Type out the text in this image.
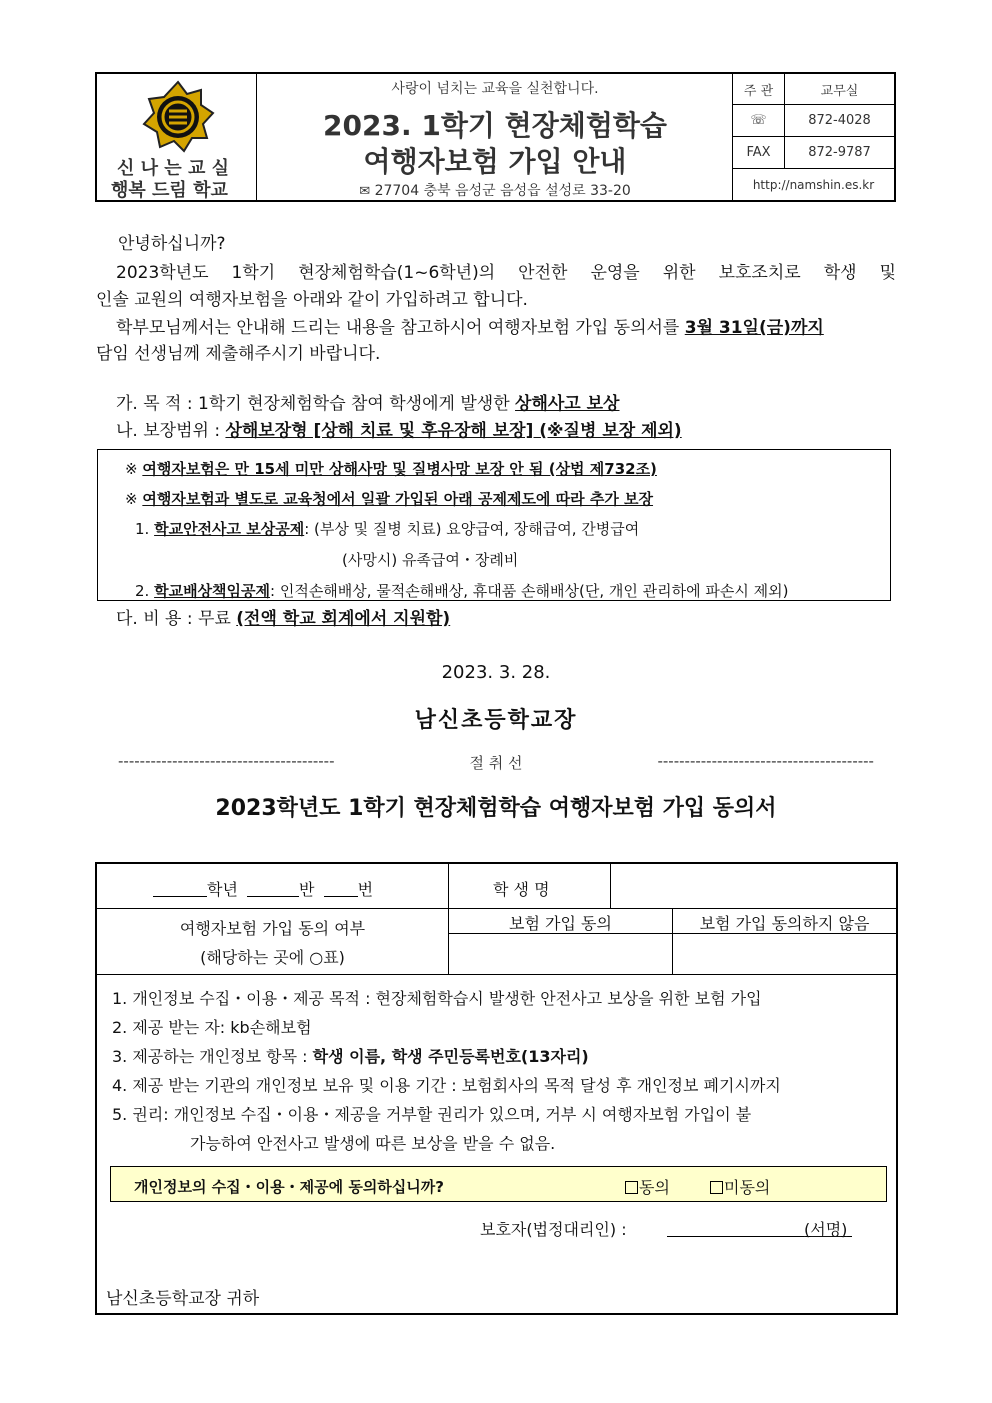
신 나 는 교 실
행복 드림 학교
사랑이 넘치는 교육을 실천합니다.
2023. 1학기 현장체험학습
여행자보험 가입 안내
✉ 27704 충북 음성군 음성읍 설성로 33-20
주 관	교무실
☏	872-4028
FAX	872-9787
http://namshin.es.kr
안녕하십니까?
2023학년도 1학기 현장체험학습(1~6학년)의 안전한 운영을 위한 보호조치로 학생 및
인솔 교원의 여행자보험을 아래와 같이 가입하려고 합니다.
학부모님께서는 안내해 드리는 내용을 참고하시어 여행자보험 가입 동의서를 3월 31일(금)까지
담임 선생님께 제출해주시기 바랍니다.
가. 목 적 : 1학기 현장체험학습 참여 학생에게 발생한 상해사고 보상
나. 보장범위 : 상해보장형 [상해 치료 및 후유장해 보장] (※질병 보장 제외)
※ 여행자보험은 만 15세 미만 상해사망 및 질병사망 보장 안 됨 (상법 제732조)
※ 여행자보험과 별도로 교육청에서 일괄 가입된 아래 공제제도에 따라 추가 보장
1. 학교안전사고 보상공제: (부상 및 질병 치료) 요양급여, 장해급여, 간병급여
(사망시) 유족급여・장례비
2. 학교배상책임공제: 인적손해배상, 물적손해배상, 휴대품 손해배상(단, 개인 관리하에 파손시 제외)
다. 비 용 : 무료 (전액 학교 회계에서 지원함)
2023. 3. 28.
남신초등학교장
----------------------------------------	절 취 선	----------------------------------------
2023학년도 1학기 현장체험학습 여행자보험 가입 동의서
학년	반	번	학 생 명
여행자보험 가입 동의 여부
(해당하는 곳에 ○표)
보험 가입 동의	보험 가입 동의하지 않음
1. 개인정보 수집・이용・제공 목적 : 현장체험학습시 발생한 안전사고 보상을 위한 보험 가입
2. 제공 받는 자: kb손해보험
3. 제공하는 개인정보 항목 : 학생 이름, 학생 주민등록번호(13자리)
4. 제공 받는 기관의 개인정보 보유 및 이용 기간 : 보험회사의 목적 달성 후 개인정보 폐기시까지
5. 권리: 개인정보 수집・이용・제공을 거부할 권리가 있으며, 거부 시 여행자보험 가입이 불
가능하여 안전사고 발생에 따른 보상을 받을 수 없음.
개인정보의 수집・이용・제공에 동의하십니까?	동의	미동의
보호자(법정대리인) :	(서명)
남신초등학교장 귀하
